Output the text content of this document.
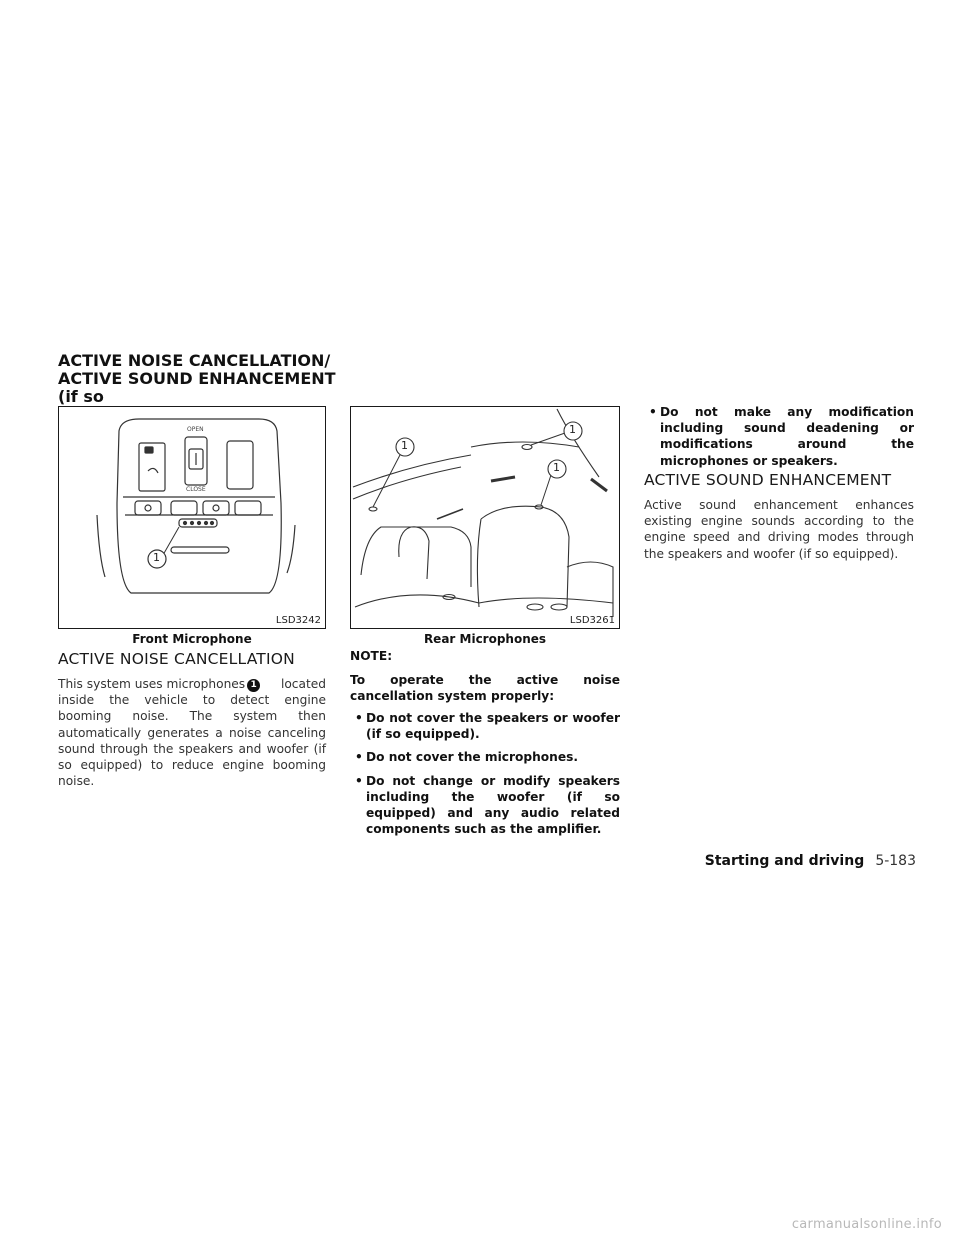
ACTIVE NOISE CANCELLATION/
ACTIVE SOUND ENHANCEMENT (if so
1
OPEN
CLOSE
LSD3242
Front Microphone
ACTIVE NOISE CANCELLATION
This system uses microphones 1	located
inside the vehicle to detect engine booming noise. The system then automatically generates a noise canceling sound through the speakers and woofer (if so equipped) to reduce engine booming noise.
1
1
1
LSD3261
Rear Microphones
NOTE:
To operate the active noise cancellation system properly:
• Do not cover the speakers or woofer (if so equipped).
• Do not cover the microphones.
• Do not change or modify speakers including the woofer (if so equipped) and any audio related components such as the amplifier.
• Do not make any modification including sound deadening or modifications around the microphones or speakers.
ACTIVE SOUND ENHANCEMENT
Active sound enhancement enhances existing engine sounds according to the engine speed and driving modes through the speakers and woofer (if so equipped).
Starting and driving 5-183
carmanualsonline.info
